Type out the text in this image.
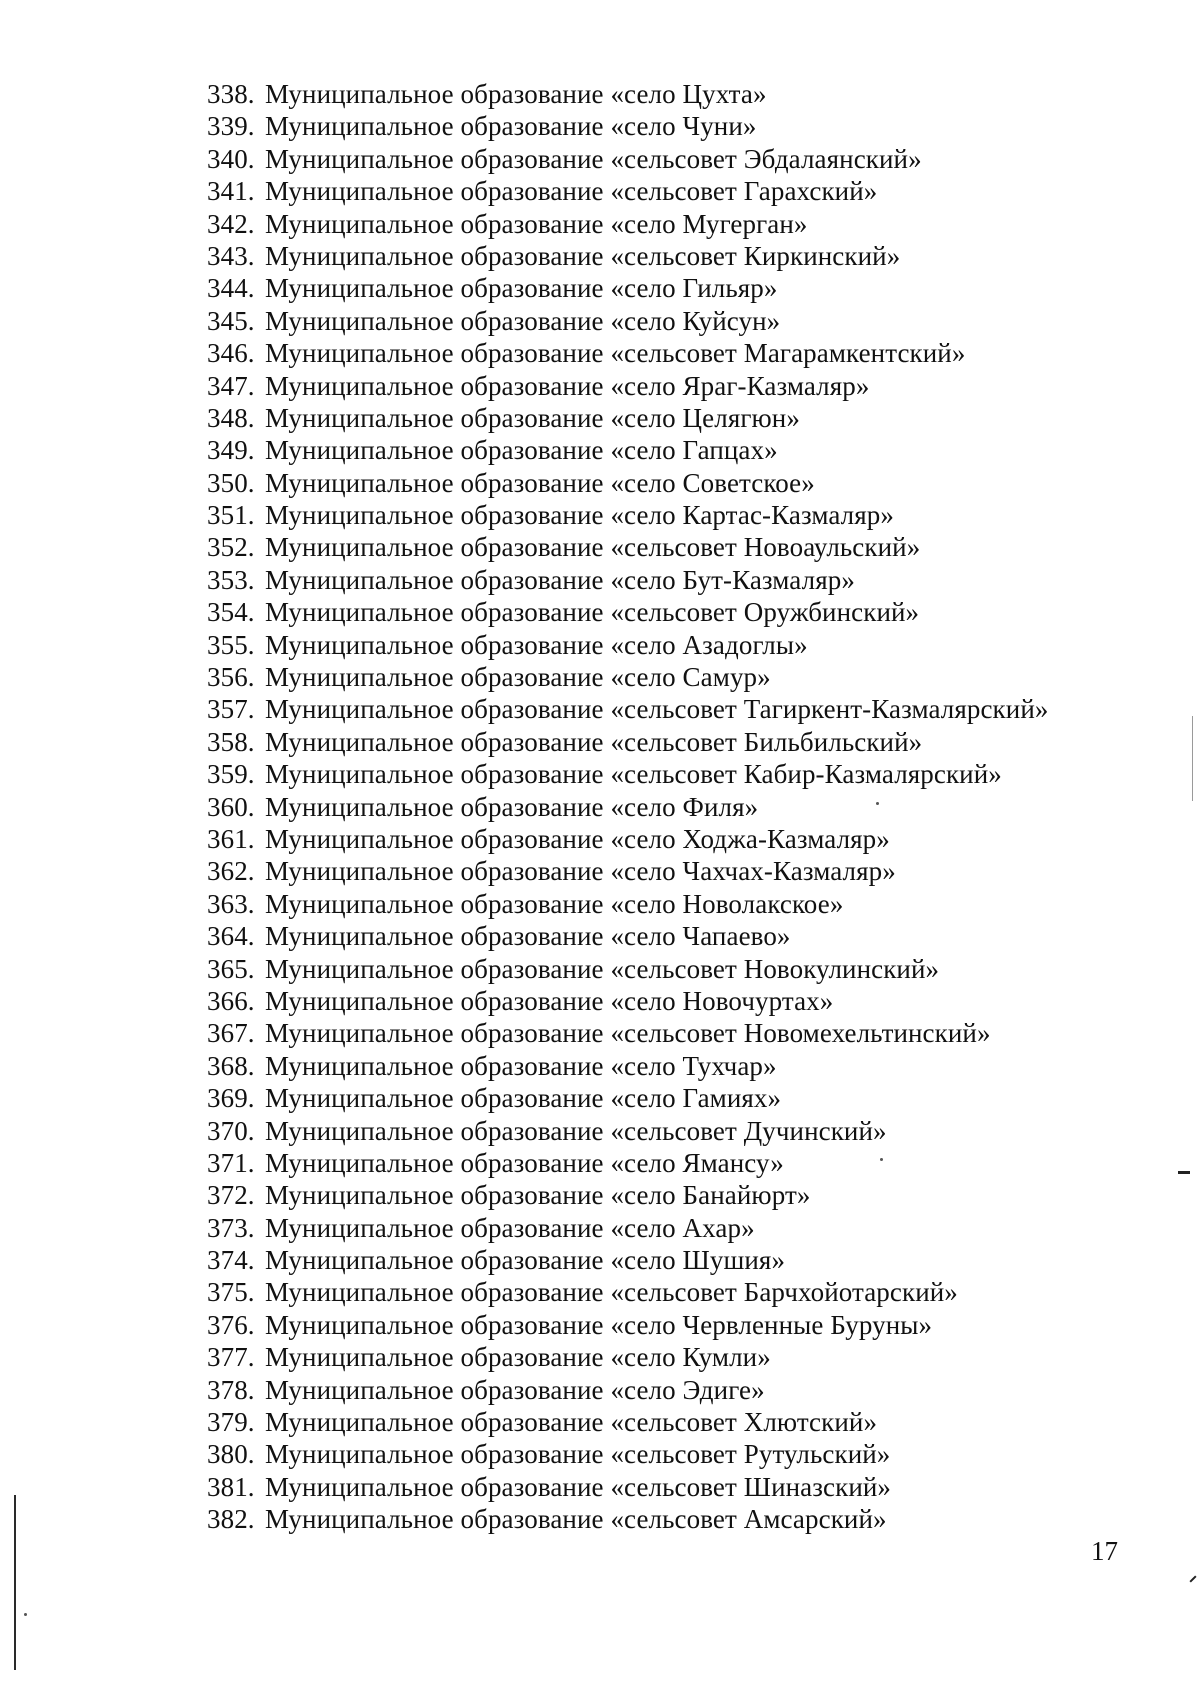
338. Муниципальное образование «село Цухта»
339. Муниципальное образование «село Чуни»
340. Муниципальное образование «сельсовет Эбдалаянский»
341. Муниципальное образование «сельсовет Гарахский»
342. Муниципальное образование «село Мугерган»
343. Муниципальное образование «сельсовет Киркинский»
344. Муниципальное образование «село Гильяр»
345. Муниципальное образование «село Куйсун»
346. Муниципальное образование «сельсовет Магарамкентский»
347. Муниципальное образование «село Яраг-Казмаляр»
348. Муниципальное образование «село Целягюн»
349. Муниципальное образование «село Гапцах»
350. Муниципальное образование «село Советское»
351. Муниципальное образование «село Картас-Казмаляр»
352. Муниципальное образование «сельсовет Новоаульский»
353. Муниципальное образование «село Бут-Казмаляр»
354. Муниципальное образование «сельсовет Оружбинский»
355. Муниципальное образование «село Азадоглы»
356. Муниципальное образование «село Самур»
357. Муниципальное образование «сельсовет Тагиркент-Казмалярский»
358. Муниципальное образование «сельсовет Бильбильский»
359. Муниципальное образование «сельсовет Кабир-Казмалярский»
360. Муниципальное образование «село Филя»
361. Муниципальное образование «село Ходжа-Казмаляр»
362. Муниципальное образование «село Чахчах-Казмаляр»
363. Муниципальное образование «село Новолакское»
364. Муниципальное образование «село Чапаево»
365. Муниципальное образование «сельсовет Новокулинский»
366. Муниципальное образование «село Новочуртах»
367. Муниципальное образование «сельсовет Новомехельтинский»
368. Муниципальное образование «село Тухчар»
369. Муниципальное образование «село Гамиях»
370. Муниципальное образование «сельсовет Дучинский»
371. Муниципальное образование «село Ямансу»
372. Муниципальное образование «село Банайюрт»
373. Муниципальное образование «село Ахар»
374. Муниципальное образование «село Шушия»
375. Муниципальное образование «сельсовет Барчхойотарский»
376. Муниципальное образование «село Червленные Буруны»
377. Муниципальное образование «село Кумли»
378. Муниципальное образование «село Эдиге»
379. Муниципальное образование «сельсовет Хлютский»
380. Муниципальное образование «сельсовет Рутульский»
381. Муниципальное образование «сельсовет Шиназский»
382. Муниципальное образование «сельсовет Амсарский»
17
